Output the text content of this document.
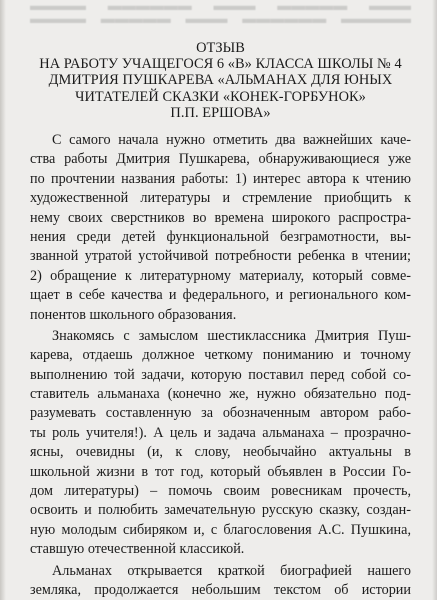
▬▬▬ ▬▬▬▬▬ ▬▬▬ ▬▬▬▬▬▬ ▬▬▬▬ ▬▬▬▬▬ ▬▬▬▬▬▬ ▬▬▬ ▬▬▬▬▬ ▬▬▬▬
ОТЗЫВ
НА РАБОТУ УЧАЩЕГОСЯ 6 «В» КЛАССА ШКОЛЫ № 4
ДМИТРИЯ ПУШКАРЕВА «АЛЬМАНАХ ДЛЯ ЮНЫХ
ЧИТАТЕЛЕЙ СКАЗКИ «КОНЕК-ГОРБУНОК»
П.П. ЕРШОВА»
С самого начала нужно отметить два важнейших каче-
ства работы Дмитрия Пушкарева, обнаруживающиеся уже
по прочтении названия работы: 1) интерес автора к чтению
художественной литературы и стремление приобщить к
нему своих сверстников во времена широкого распростра-
нения среди детей функциональной безграмотности, вы-
званной утратой устойчивой потребности ребенка в чтении;
2) обращение к литературному материалу, который совме-
щает в себе качества и федерального, и регионального ком-
понентов школьного образования.
Знакомясь с замыслом шестиклассника Дмитрия Пуш-
карева, отдаешь должное четкому пониманию и точному
выполнению той задачи, которую поставил перед собой со-
ставитель альманаха (конечно же, нужно обязательно под-
разумевать составленную за обозначенным автором рабо-
ты роль учителя!). А цель и задача альманаха – прозрачно-
ясны, очевидны (и, к слову, необычайно актуальны в
школьной жизни в тот год, который объявлен в России Го-
дом литературы) – помочь своим ровесникам прочесть,
освоить и полюбить замечательную русскую сказку, создан-
ную молодым сибиряком и, с благословения А.С. Пушкина,
ставшую отечественной классикой.
Альманах открывается краткой биографией нашего
земляка, продолжается небольшим текстом об истории
